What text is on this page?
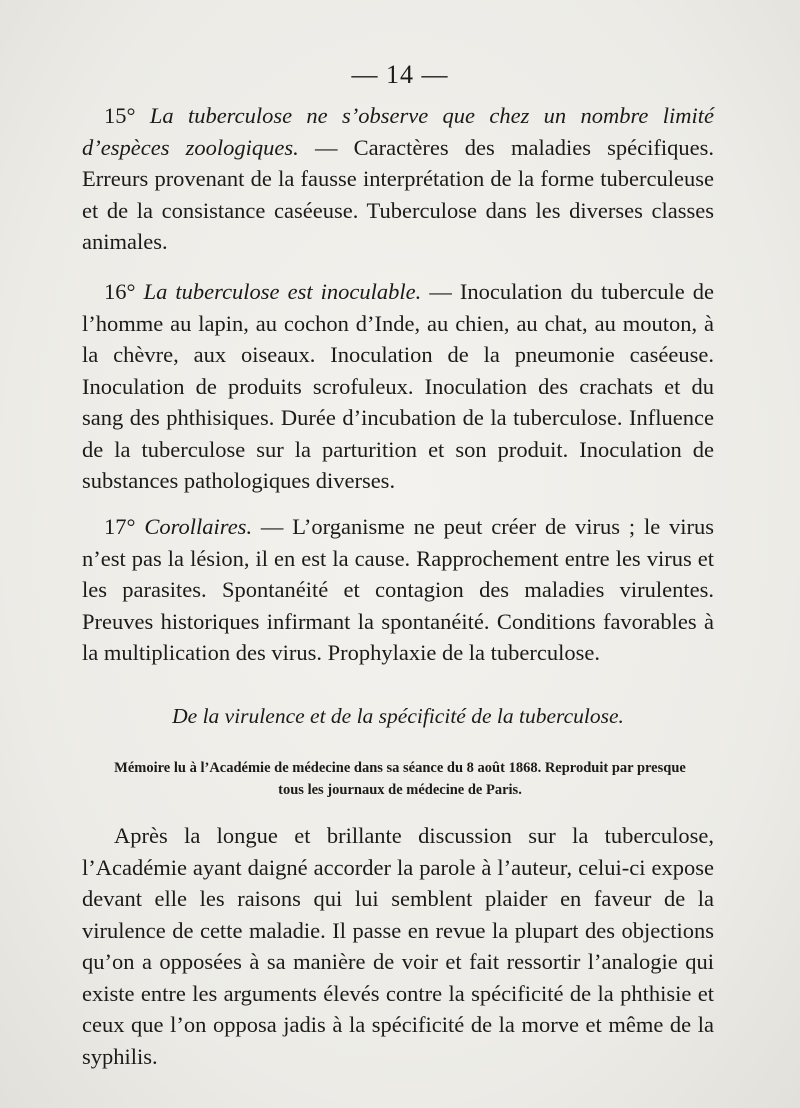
— 14 —
15° La tuberculose ne s’observe que chez un nombre limité d’espèces zoologiques. — Caractères des maladies spécifiques. Erreurs provenant de la fausse interprétation de la forme tuberculeuse et de la consistance caséeuse. Tuberculose dans les diverses classes animales.
16° La tuberculose est inoculable. — Inoculation du tubercule de l’homme au lapin, au cochon d’Inde, au chien, au chat, au mouton, à la chèvre, aux oiseaux. Inoculation de la pneumonie caséeuse. Inoculation de produits scrofuleux. Inoculation des crachats et du sang des phthisiques. Durée d’incubation de la tuberculose. Influence de la tuberculose sur la parturition et son produit. Inoculation de substances pathologiques diverses.
17° Corollaires. — L’organisme ne peut créer de virus ; le virus n’est pas la lésion, il en est la cause. Rapprochement entre les virus et les parasites. Spontanéité et contagion des maladies virulentes. Preuves historiques infirmant la spontanéité. Conditions favorables à la multiplication des virus. Prophylaxie de la tuberculose.
De la virulence et de la spécificité de la tuberculose.
Mémoire lu à l’Académie de médecine dans sa séance du 8 août 1868. Reproduit par presque tous les journaux de médecine de Paris.
Après la longue et brillante discussion sur la tuberculose, l’Académie ayant daigné accorder la parole à l’auteur, celui-ci expose devant elle les raisons qui lui semblent plaider en faveur de la virulence de cette maladie. Il passe en revue la plupart des objections qu’on a opposées à sa manière de voir et fait ressortir l’analogie qui existe entre les arguments élevés contre la spécificité de la phthisie et ceux que l’on opposa jadis à la spécificité de la morve et même de la syphilis.
